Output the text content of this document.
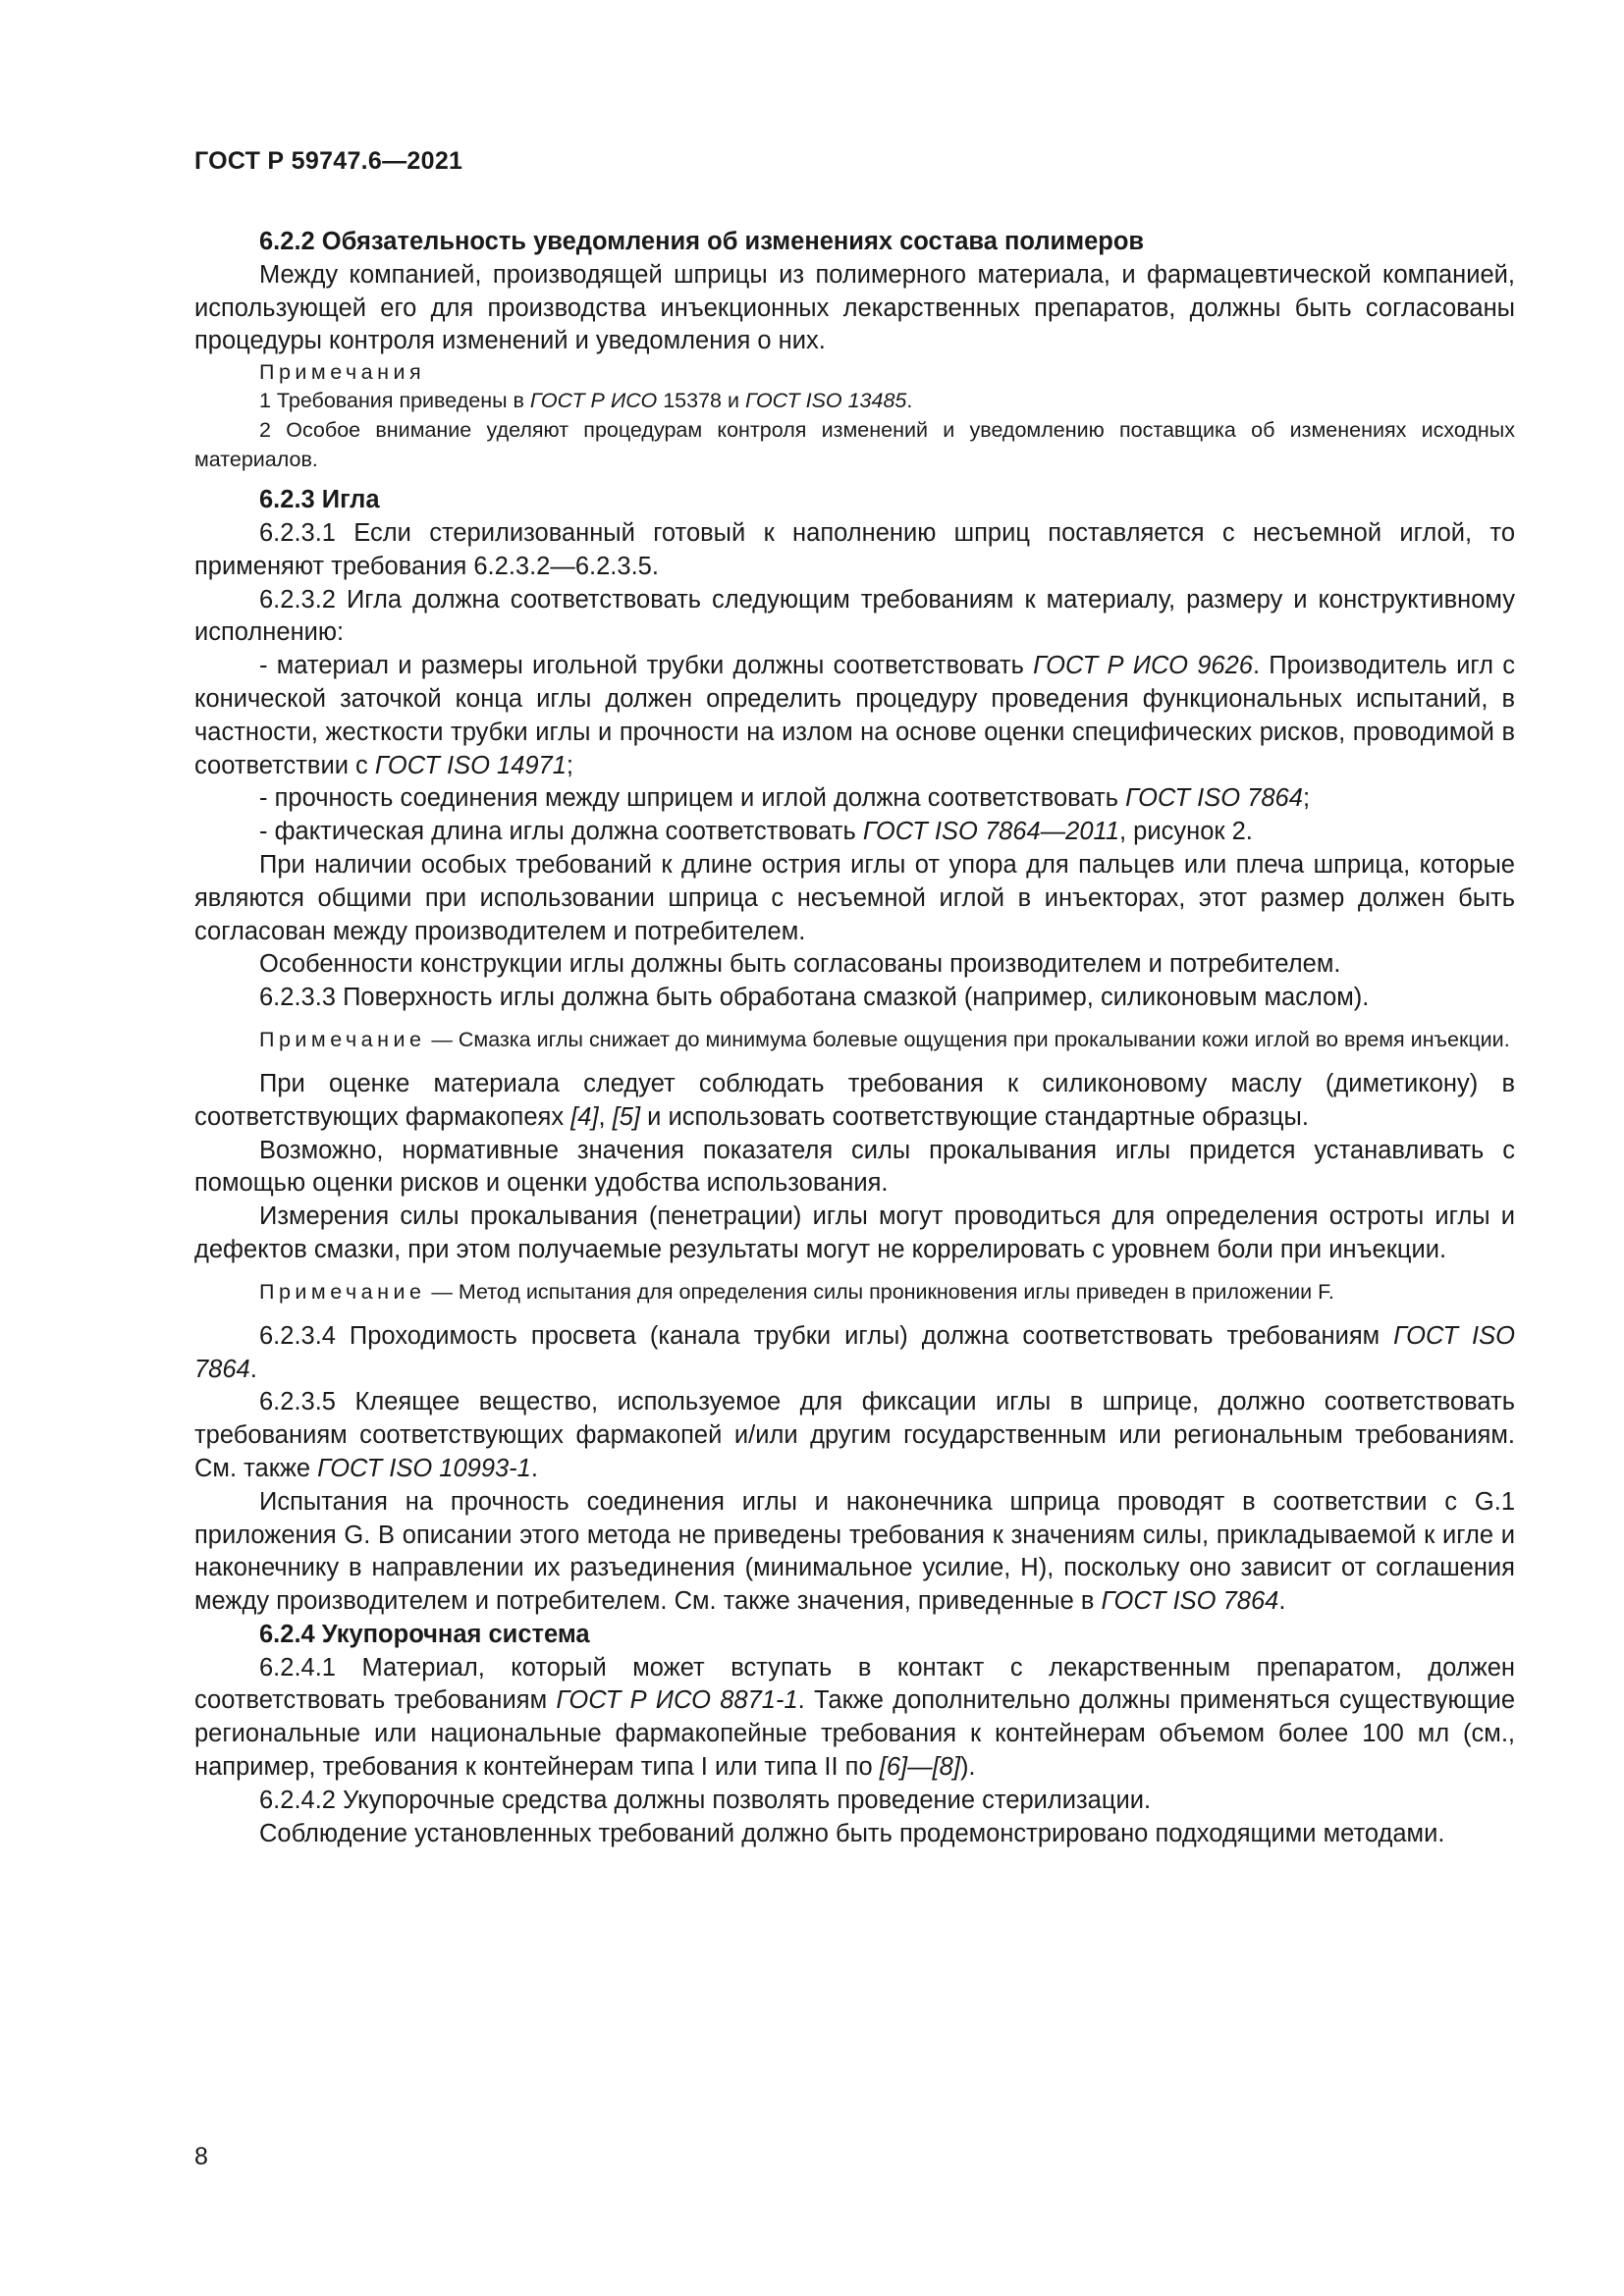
ГОСТ Р 59747.6—2021

6.2.2 Обязательность уведомления об изменениях состава полимеров

Между компанией, производящей шприцы из полимерного материала, и фармацевтической компанией, использующей его для производства инъекционных лекарственных препаратов, должны быть согласованы процедуры контроля изменений и уведомления о них.

Примечания

1 Требования приведены в ГОСТ Р ИСО 15378 и ГОСТ ISO 13485.

2 Особое внимание уделяют процедурам контроля изменений и уведомлению поставщика об изменениях исходных материалов.

6.2.3 Игла

6.2.3.1 Если стерилизованный готовый к наполнению шприц поставляется с несъемной иглой, то применяют требования 6.2.3.2—6.2.3.5.

6.2.3.2 Игла должна соответствовать следующим требованиям к материалу, размеру и конструктивному исполнению:

- материал и размеры игольной трубки должны соответствовать ГОСТ Р ИСО 9626. Производитель игл с конической заточкой конца иглы должен определить процедуру проведения функциональных испытаний, в частности, жесткости трубки иглы и прочности на излом на основе оценки специфических рисков, проводимой в соответствии с ГОСТ ISO 14971;

- прочность соединения между шприцем и иглой должна соответствовать ГОСТ ISO 7864;

- фактическая длина иглы должна соответствовать ГОСТ ISO 7864—2011, рисунок 2.

При наличии особых требований к длине острия иглы от упора для пальцев или плеча шприца, которые являются общими при использовании шприца с несъемной иглой в инъекторах, этот размер должен быть согласован между производителем и потребителем.

Особенности конструкции иглы должны быть согласованы производителем и потребителем.

6.2.3.3 Поверхность иглы должна быть обработана смазкой (например, силиконовым маслом).

Примечание — Смазка иглы снижает до минимума болевые ощущения при прокалывании кожи иглой во время инъекции.

При оценке материала следует соблюдать требования к силиконовому маслу (диметикону) в соответствующих фармакопеях [4], [5] и использовать соответствующие стандартные образцы.

Возможно, нормативные значения показателя силы прокалывания иглы придется устанавливать с помощью оценки рисков и оценки удобства использования.

Измерения силы прокалывания (пенетрации) иглы могут проводиться для определения остроты иглы и дефектов смазки, при этом получаемые результаты могут не коррелировать с уровнем боли при инъекции.

Примечание — Метод испытания для определения силы проникновения иглы приведен в приложении F.

6.2.3.4 Проходимость просвета (канала трубки иглы) должна соответствовать требованиям ГОСТ ISO 7864.

6.2.3.5 Клеящее вещество, используемое для фиксации иглы в шприце, должно соответствовать требованиям соответствующих фармакопей и/или другим государственным или региональным требованиям. См. также ГОСТ ISO 10993-1.

Испытания на прочность соединения иглы и наконечника шприца проводят в соответствии с G.1 приложения G. В описании этого метода не приведены требования к значениям силы, прикладываемой к игле и наконечнику в направлении их разъединения (минимальное усилие, Н), поскольку оно зависит от соглашения между производителем и потребителем. См. также значения, приведенные в ГОСТ ISO 7864.

6.2.4 Укупорочная система

6.2.4.1 Материал, который может вступать в контакт с лекарственным препаратом, должен соответствовать требованиям ГОСТ Р ИСО 8871-1. Также дополнительно должны применяться существующие региональные или национальные фармакопейные требования к контейнерам объемом более 100 мл (см., например, требования к контейнерам типа I или типа II по [6]—[8]).

6.2.4.2 Укупорочные средства должны позволять проведение стерилизации.

Соблюдение установленных требований должно быть продемонстрировано подходящими методами.

8
